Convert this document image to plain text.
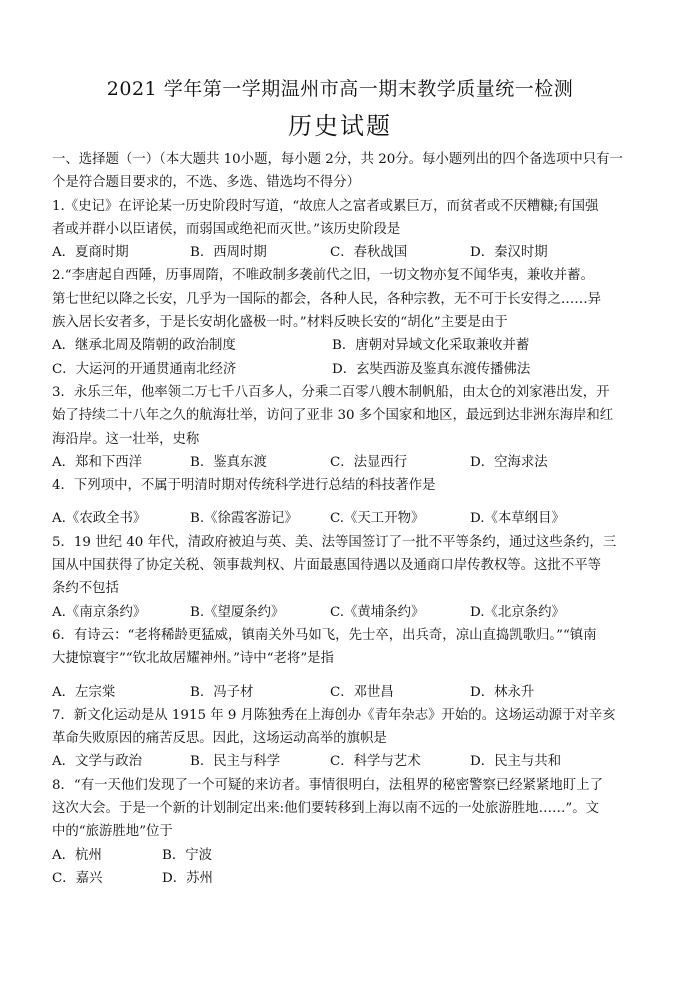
2021 学年第一学期温州市高一期末教学质量统一检测
历史试题
一、选择题（一）（本大题共 10小题，每小题 2分，共 20分。每小题列出的四个备选项中只有一
个是符合题目要求的，不选、多选、错选均不得分）
1.《史记》在评论某一历史阶段时写道，“故庶人之富者或累巨万，而贫者或不厌糟糠;有国强
者或并群小以臣诸侯，而弱国或绝祀而灭世。”该历史阶段是
A．夏商时期	B．西周时期	C．春秋战国	D．秦汉时期
2.“李唐起自西陲，历事周隋，不唯政制多袭前代之旧，一切文物亦复不闻华夷，兼收并蓄。
第七世纪以降之长安，几乎为一国际的都会，各种人民，各种宗教，无不可于长安得之……异
族入居长安者多，于是长安胡化盛极一时。”材料反映长安的“胡化”主要是由于
A．继承北周及隋朝的政治制度	B．唐朝对异域文化采取兼收并蓄
C．大运河的开通贯通南北经济	D．玄奘西游及鉴真东渡传播佛法
3．永乐三年，他率领二万七千八百多人，分乘二百零八艘木制帆船，由太仓的刘家港出发，开
始了持续二十八年之久的航海壮举，访问了亚非 30 多个国家和地区，最远到达非洲东海岸和红
海沿岸。这一壮举，史称
A．郑和下西洋	B．鉴真东渡	C．法显西行	D．空海求法
4．下列项中，不属于明清时期对传统科学进行总结的科技著作是
A.《农政全书》	B.《徐霞客游记》	C.《天工开物》	D.《本草纲目》
5．19 世纪 40 年代，清政府被迫与英、美、法等国签订了一批不平等条约，通过这些条约，三
国从中国获得了协定关税、领事裁判权、片面最惠国待遇以及通商口岸传教权等。这批不平等
条约不包括
A.《南京条约》	B.《望厦条约》	C.《黄埔条约》	D.《北京条约》
6．有诗云：“老将稀龄更猛威，镇南关外马如飞，先士卒，出兵奇，凉山直捣凯歌归。”“镇南
大捷惊寰宇”“钦北故居耀神州。”诗中“老将”是指
A．左宗棠	B．冯子材	C．邓世昌	D．林永升
7．新文化运动是从 1915 年 9 月陈独秀在上海创办《青年杂志》开始的。这场运动源于对辛亥
革命失败原因的痛苦反思。因此，这场运动高举的旗帜是
A．文学与政治	B．民主与科学	C．科学与艺术	D．民主与共和
8．“有一天他们发现了一个可疑的来访者。事情很明白，法租界的秘密警察已经紧紧地盯上了
这次大会。于是一个新的计划制定出来:他们要转移到上海以南不远的一处旅游胜地……”。文
中的“旅游胜地”位于
A．杭州	B．宁波
C．嘉兴	D．苏州
